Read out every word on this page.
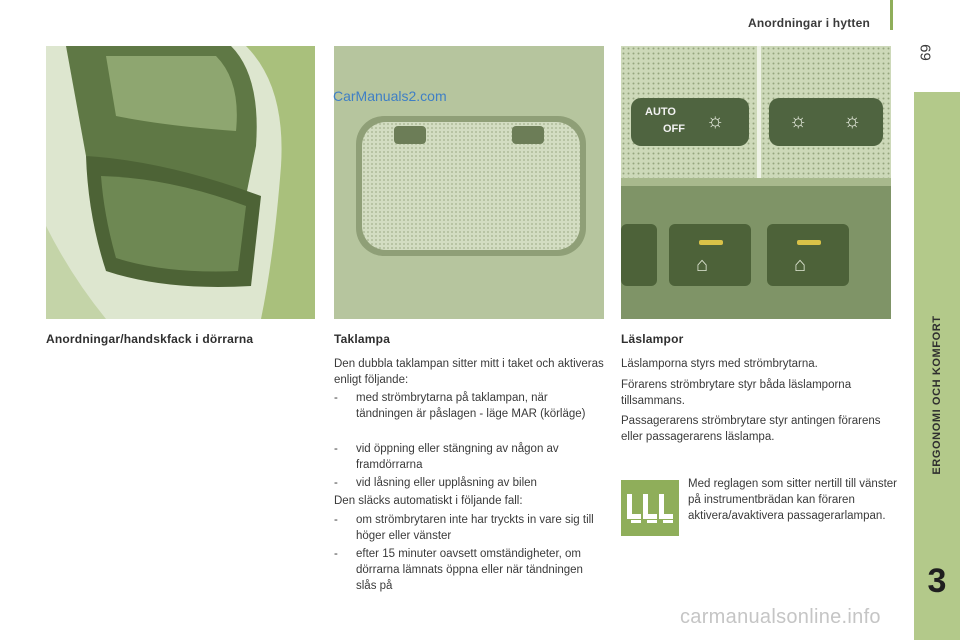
Anordningar i hytten
69
ERGONOMI OCH KOMFORT
3
CarManuals2.com
AUTO
OFF ☼	☼ ☼
⌂	⌂
Anordningar/handskfack i dörrarna	Taklampa
Den dubbla taklampan sitter mitt i taket och aktiveras enligt följande:
- med strömbrytarna på taklampan, när tändningen är påslagen - läge MAR (körläge)
- vid öppning eller stängning av någon av framdörrarna
- vid låsning eller upplåsning av bilen
Den släcks automatiskt i följande fall:
- om strömbrytaren inte har tryckts in vare sig till höger eller vänster
- efter 15 minuter oavsett omständigheter, om dörrarna lämnats öppna eller när tändningen slås på
Läslampor
Läslamporna styrs med strömbrytarna.
Förarens strömbrytare styr båda läslamporna tillsammans.
Passagerarens strömbrytare styr antingen förarens eller passagerarens läslampa.
Med reglagen som sitter nertill till vänster på instrumentbrädan kan föraren aktivera/avaktivera passagerarlampan.
carmanualsonline.info
